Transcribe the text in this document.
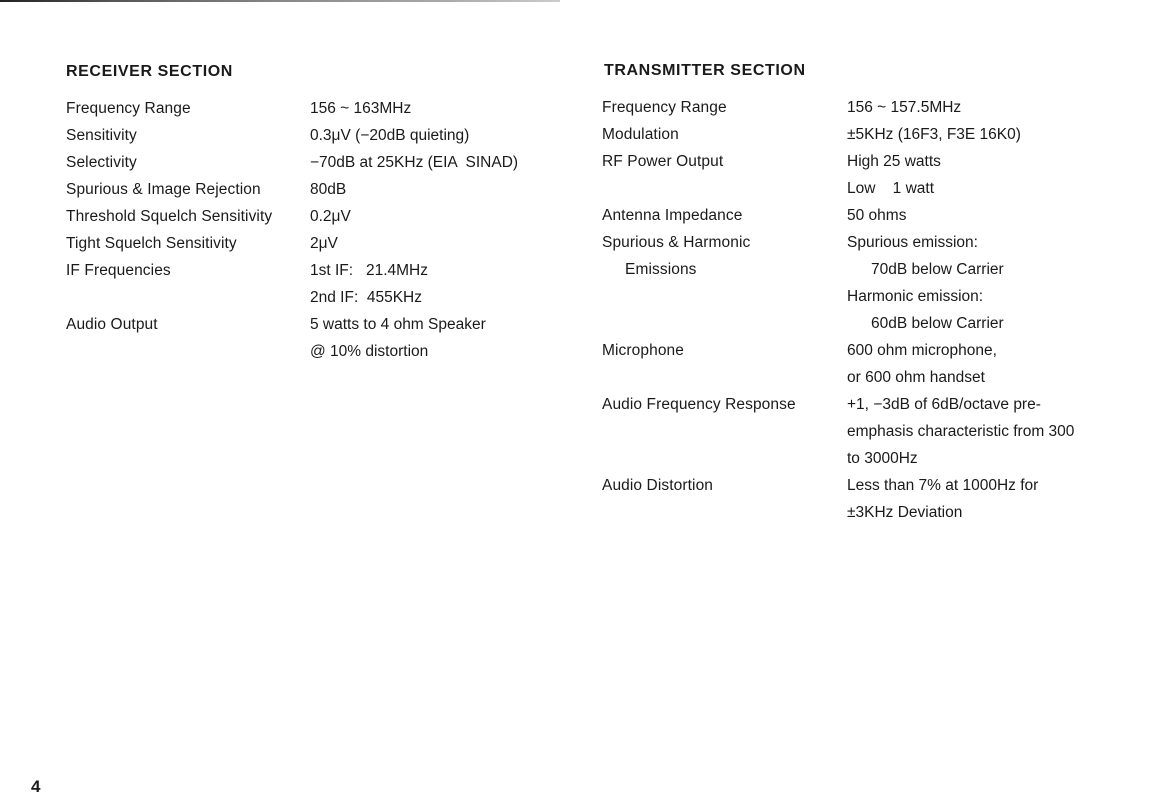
RECEIVER SECTION
Frequency Range	156 ~ 163MHz

Sensitivity	0.3μV (−20dB quieting)

Selectivity	−70dB at 25KHz (EIA  SINAD)

Spurious & Image Rejection	80dB

Threshold Squelch Sensitivity	0.2μV

Tight Squelch Sensitivity	2μV

IF Frequencies	1st IF:   21.4MHz
2nd IF:  455KHz

Audio Output	5 watts to 4 ohm Speaker
@ 10% distortion
TRANSMITTER SECTION
Frequency Range	156 ~ 157.5MHz

Modulation	±5KHz (16F3, F3E 16K0)

RF Power Output	High 25 watts
Low    1 watt

Antenna Impedance	50 ohms

Spurious & Harmonic
Emissions	Spurious emission:
70dB below Carrier
Harmonic emission:
60dB below Carrier

Microphone	600 ohm microphone,
or 600 ohm handset

Audio Frequency Response	+1, −3dB of 6dB/octave pre-
emphasis characteristic from 300
to 3000Hz

Audio Distortion	Less than 7% at 1000Hz for
±3KHz Deviation
4
